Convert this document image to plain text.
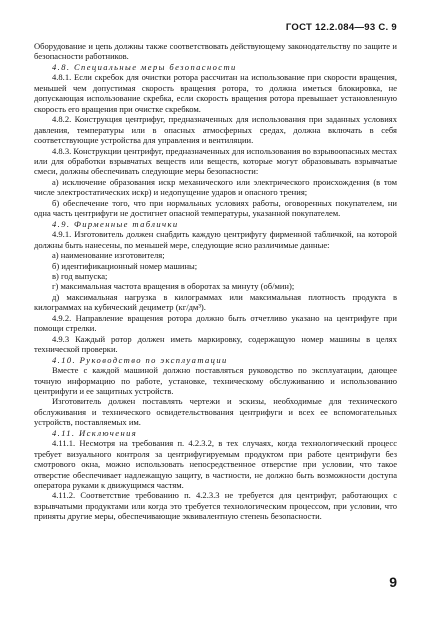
ГОСТ 12.2.084—93 С. 9
Оборудование и цепь должны также соответствовать действующему законодательству по защите и безопасности работников.
4.8. Специальные меры безопасности
4.8.1. Если скребок для очистки ротора рассчитан на использование при скорости вращения, меньшей чем допустимая скорость вращения ротора, то должна иметься блокировка, не допускающая использование скребка, если скорость вращения ротора превышает установленную скорость его вращения при очистке скребком.
4.8.2. Конструкция центрифуг, предназначенных для использования при заданных условиях давления, температуры или в опасных атмосферных средах, должна включать в себя соответствующие устройства для управления и вентиляции.
4.8.3. Конструкции центрифуг, предназначенных для использования во взрывоопасных местах или для обработки взрывчатых веществ или веществ, которые могут образовывать взрывчатые смеси, должны обеспечивать следующие меры безопасности:
а) исключение образования искр механического или электрического происхождения (в том числе электростатических искр) и недопущение ударов и опасного трения;
б) обеспечение того, что при нормальных условиях работы, оговоренных покупателем, ни одна часть центрифуги не достигнет опасной температуры, указанной покупателем.
4.9. Фирменные таблички
4.9.1. Изготовитель должен снабдить каждую центрифугу фирменной табличкой, на которой должны быть нанесены, по меньшей мере, следующие ясно различимые данные:
а) наименование изготовителя;
б) идентификационный номер машины;
в) год выпуска;
г) максимальная частота вращения в оборотах за минуту (об/мин);
д) максимальная нагрузка в килограммах или максимальная плотность продукта в килограммах на кубический дециметр (кг/дм³).
4.9.2. Направление вращения ротора должно быть отчетливо указано на центрифуге при помощи стрелки.
4.9.3 Каждый ротор должен иметь маркировку, содержащую номер машины в целях технической проверки.
4.10. Руководство по эксплуатации
Вместе с каждой машиной должно поставляться руководство по эксплуатации, дающее точную информацию по работе, установке, техническому обслуживанию и использованию центрифуги и ее защитных устройств.
Изготовитель должен поставлять чертежи и эскизы, необходимые для технического обслуживания и технического освидетельствования центрифуги и всех ее вспомогательных устройств, поставляемых им.
4.11. Исключения
4.11.1. Несмотря на требования п. 4.2.3.2, в тех случаях, когда технологический процесс требует визуального контроля за центрифугируемым продуктом при работе центрифуги без смотрового окна, можно использовать непосредственное отверстие при условии, что такое отверстие обеспечивает надлежащую защиту, в частности, не должно быть возможности доступа оператора руками к движущимся частям.
4.11.2. Соответствие требованию п. 4.2.3.3 не требуется для центрифуг, работающих с взрывчатыми продуктами или когда это требуется технологическим процессом, при условии, что приняты другие меры, обеспечивающие эквивалентную степень безопасности.
9
